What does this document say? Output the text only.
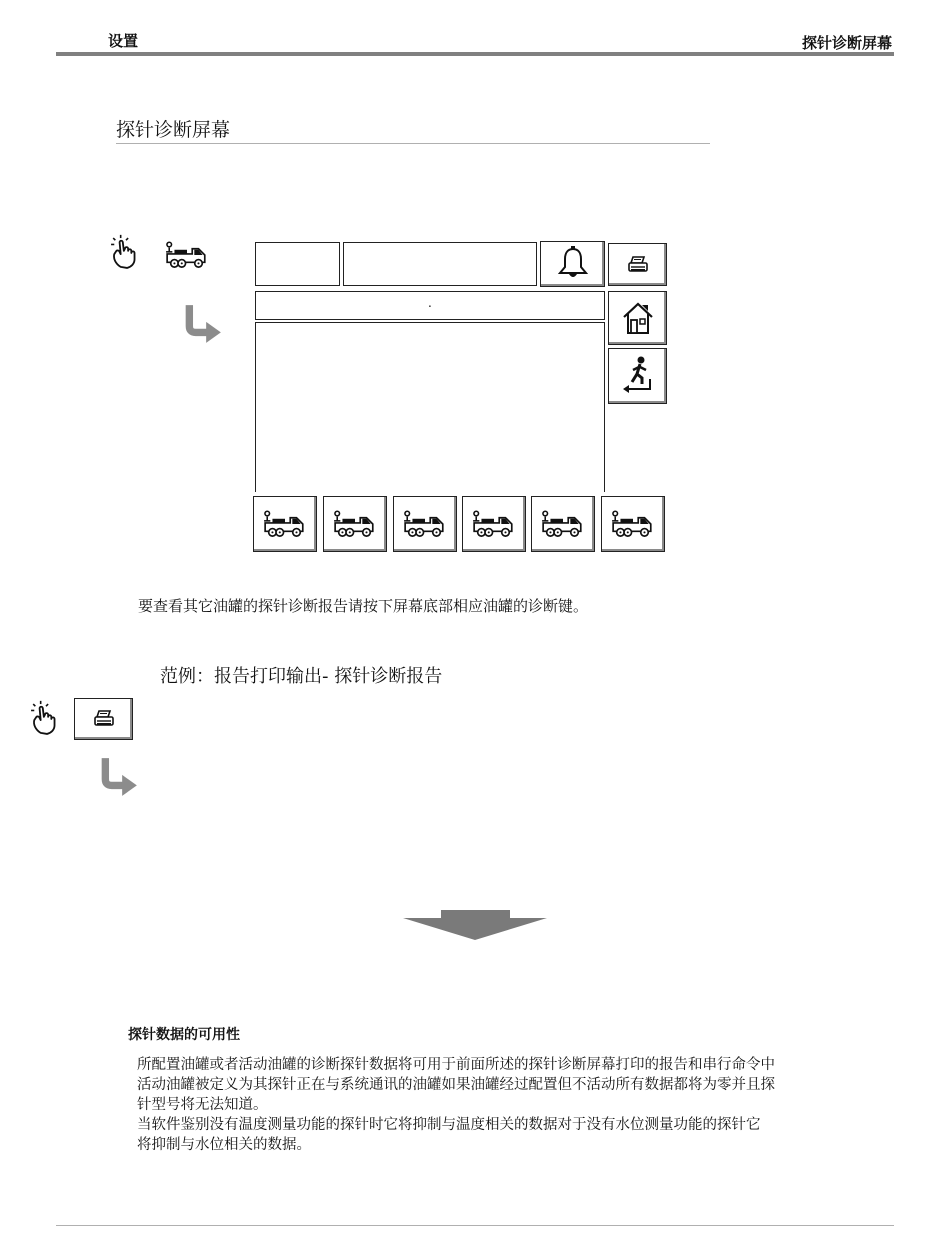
设置	探针诊断屏幕
探针诊断屏幕
.
要查看其它油罐的探针诊断报告请按下屏幕底部相应油罐的诊断键。
范例：报告打印输出- 探针诊断报告
探针数据的可用性
所配置油罐或者活动油罐的诊断探针数据将可用于前面所述的探针诊断屏幕打印的报告和串行命令中
活动油罐被定义为其探针正在与系统通讯的油罐如果油罐经过配置但不活动所有数据都将为零并且探
针型号将无法知道。
当软件鉴别没有温度测量功能的探针时它将抑制与温度相关的数据对于没有水位测量功能的探针它
将抑制与水位相关的数据。
